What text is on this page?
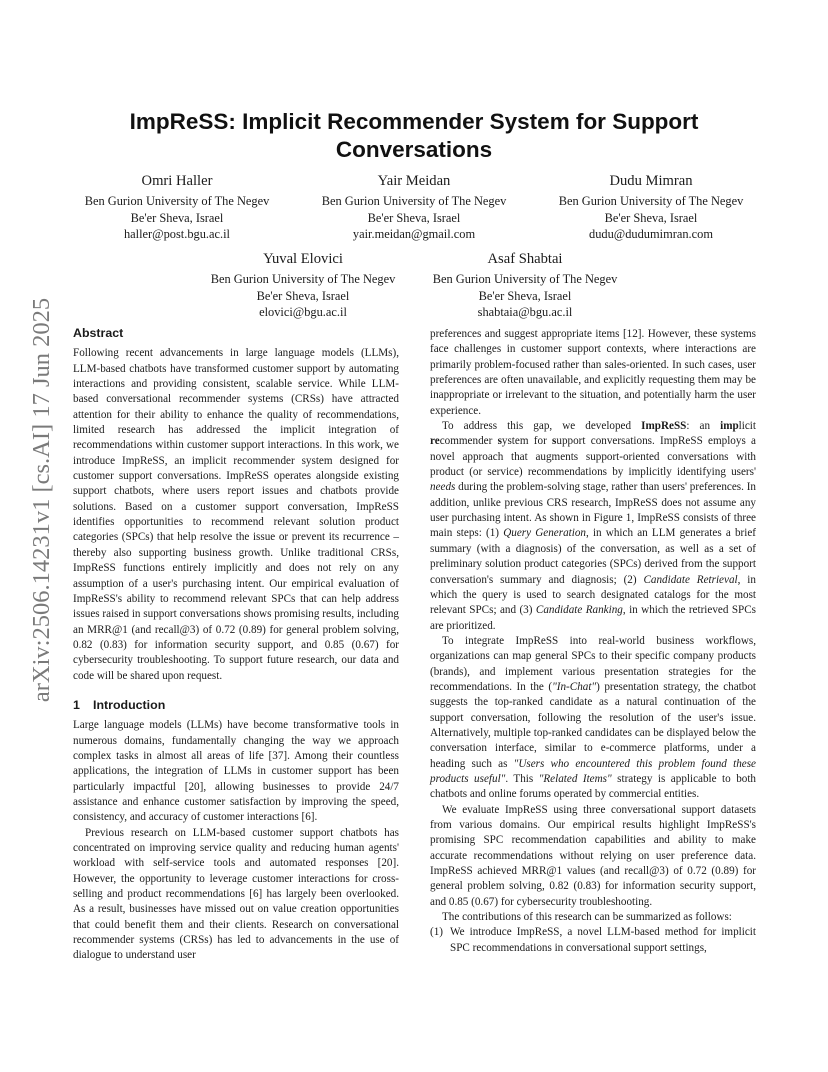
ImpReSS: Implicit Recommender System for Support Conversations
Omri Haller
Ben Gurion University of The Negev
Be'er Sheva, Israel
haller@post.bgu.ac.il
Yair Meidan
Ben Gurion University of The Negev
Be'er Sheva, Israel
yair.meidan@gmail.com
Dudu Mimran
Ben Gurion University of The Negev
Be'er Sheva, Israel
dudu@dudumimran.com
Yuval Elovici
Ben Gurion University of The Negev
Be'er Sheva, Israel
elovici@bgu.ac.il
Asaf Shabtai
Ben Gurion University of The Negev
Be'er Sheva, Israel
shabtaia@bgu.ac.il
arXiv:2506.14231v1 [cs.AI] 17 Jun 2025 Abstract

Following recent advancements in large language models (LLMs), LLM-based chatbots have transformed customer support by automating interactions and providing consistent, scalable service. While LLM-based conversational recommender systems (CRSs) have attracted attention for their ability to enhance the quality of recommendations, limited research has addressed the implicit integration of recommendations within customer support interactions. In this work, we introduce ImpReSS, an implicit recommender system designed for customer support conversations. ImpReSS operates alongside existing support chatbots, where users report issues and chatbots provide solutions. Based on a customer support conversation, ImpReSS identifies opportunities to recommend relevant solution product categories (SPCs) that help resolve the issue or prevent its recurrence – thereby also supporting business growth. Unlike traditional CRSs, ImpReSS functions entirely implicitly and does not rely on any assumption of a user's purchasing intent. Our empirical evaluation of ImpReSS's ability to recommend relevant SPCs that can help address issues raised in support conversations shows promising results, including an MRR@1 (and recall@3) of 0.72 (0.89) for general problem solving, 0.82 (0.83) for information security support, and 0.85 (0.67) for cybersecurity troubleshooting. To support future research, our data and code will be shared upon request.

1 Introduction

Large language models (LLMs) have become transformative tools in numerous domains, fundamentally changing the way we approach complex tasks in almost all areas of life [37]. Among their countless applications, the integration of LLMs in customer support has been particularly impactful [20], allowing businesses to provide 24/7 assistance and enhance customer satisfaction by improving the speed, consistency, and accuracy of customer interactions [6].

Previous research on LLM-based customer support chatbots has concentrated on improving service quality and reducing human agents' workload with self-service tools and automated responses [20]. However, the opportunity to leverage customer interactions for cross-selling and product recommendations [6] has largely been overlooked. As a result, businesses have missed out on value creation opportunities that could benefit them and their clients. Research on conversational recommender systems (CRSs) has led to advancements in the use of dialogue to understand user

preferences and suggest appropriate items [12]. However, these systems face challenges in customer support contexts, where interactions are primarily problem-focused rather than sales-oriented. In such cases, user preferences are often unavailable, and explicitly requesting them may be inappropriate or irrelevant to the situation, and potentially harm the user experience.

To address this gap, we developed ImpReSS: an implicit recommender system for support conversations. ImpReSS employs a novel approach that augments support-oriented conversations with product (or service) recommendations by implicitly identifying users' needs during the problem-solving stage, rather than users' preferences. In addition, unlike previous CRS research, ImpReSS does not assume any user purchasing intent. As shown in Figure 1, ImpReSS consists of three main steps: (1) Query Generation, in which an LLM generates a brief summary (with a diagnosis) of the conversation, as well as a set of preliminary solution product categories (SPCs) derived from the support conversation's summary and diagnosis; (2) Candidate Retrieval, in which the query is used to search designated catalogs for the most relevant SPCs; and (3) Candidate Ranking, in which the retrieved SPCs are prioritized.

To integrate ImpReSS into real-world business workflows, organizations can map general SPCs to their specific company products (brands), and implement various presentation strategies for the recommendations. In the ("In-Chat") presentation strategy, the chatbot suggests the top-ranked candidate as a natural continuation of the support conversation, following the resolution of the user's issue. Alternatively, multiple top-ranked candidates can be displayed below the conversation interface, similar to e-commerce platforms, under a heading such as "Users who encountered this problem found these products useful". This "Related Items" strategy is applicable to both chatbots and online forums operated by commercial entities.

We evaluate ImpReSS using three conversational support datasets from various domains. Our empirical results highlight ImpReSS's promising SPC recommendation capabilities and ability to make accurate recommendations without relying on user preference data. ImpReSS achieved MRR@1 values (and recall@3) of 0.72 (0.89) for general problem solving, 0.82 (0.83) for information security support, and 0.85 (0.67) for cybersecurity troubleshooting.

The contributions of this research can be summarized as follows:

(1) We introduce ImpReSS, a novel LLM-based method for implicit SPC recommendations in conversational support settings,
